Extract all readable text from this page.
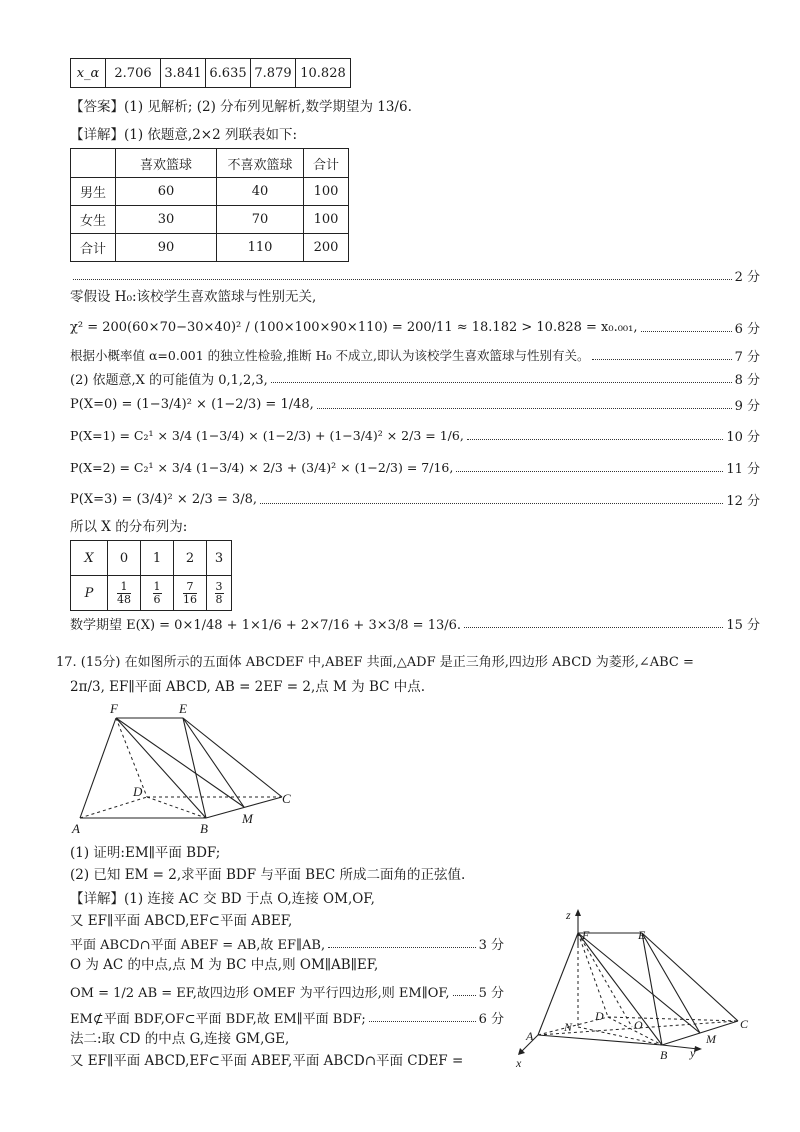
x_α	2.706	3.841	6.635	7.879	10.828
【答案】(1) 见解析; (2) 分布列见解析,数学期望为 13/6.
【详解】(1) 依题意,2×2 列联表如下:
	喜欢篮球	不喜欢篮球	合计
男生	60	40	100
女生	30	70	100
合计	90	110	200
2 分
零假设 H₀:该校学生喜欢篮球与性别无关,
χ² = 200(60×70−30×40)² / (100×100×90×110) = 200/11 ≈ 18.182 > 10.828 = x₀.₀₀₁,	6 分
根据小概率值 α=0.001 的独立性检验,推断 H₀ 不成立,即认为该校学生喜欢篮球与性别有关。	7 分
(2) 依题意,X 的可能值为 0,1,2,3,	8 分
P(X=0) = (1−3/4)² × (1−2/3) = 1/48,	9 分
P(X=1) = C₂¹ × 3/4 (1−3/4) × (1−2/3) + (1−3/4)² × 2/3 = 1/6,	10 分
P(X=2) = C₂¹ × 3/4 (1−3/4) × 2/3 + (3/4)² × (1−2/3) = 7/16,	11 分
P(X=3) = (3/4)² × 2/3 = 3/8,	12 分
所以 X 的分布列为:
X	0	1	2	3
P	$\frac{1}{48}$	$\frac{1}{6}$	$\frac{7}{16}$	$\frac{3}{8}$
数学期望 E(X) = 0×1/48 + 1×1/6 + 2×7/16 + 3×3/8 = 13/6.	15 分
17. (15分) 在如图所示的五面体 ABCDEF 中,ABEF 共面,△ADF 是正三角形,四边形 ABCD 为菱形,∠ABC =
2π/3, EF∥平面 ABCD, AB = 2EF = 2,点 M 为 BC 中点.
F	E
D	C
A	B
M
(1) 证明:EM∥平面 BDF;
(2) 已知 EM = 2,求平面 BDF 与平面 BEC 所成二面角的正弦值.
【详解】(1) 连接 AC 交 BD 于点 O,连接 OM,OF,
又 EF∥平面 ABCD,EF⊂平面 ABEF,
平面 ABCD∩平面 ABEF = AB,故 EF∥AB,	3 分
O 为 AC 的中点,点 M 为 BC 中点,则 OM∥AB∥EF,
OM = 1/2 AB = EF,故四边形 OMEF 为平行四边形,则 EM∥OF, 5 分
EM⊄平面 BDF,OF⊂平面 BDF,故 EM∥平面 BDF;	6 分
法二:取 CD 的中点 G,连接 GM,GE,
又 EF∥平面 ABCD,EF⊂平面 ABEF,平面 ABCD∩平面 CDEF =
z
F	E
N
D
O	C
A	M
B y
x
